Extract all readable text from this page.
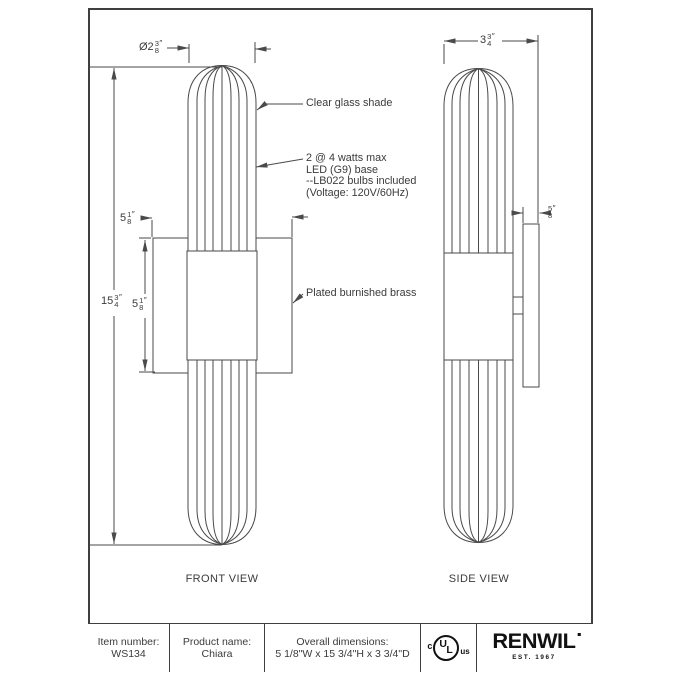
Ø2 3
8
″
5 1
8
″
15 3
4
″
5 1
8
″
3 3
4
″
5
8
″
Clear glass shade
2 @ 4 watts max
LED (G9) base
--LB022 bulbs included
(Voltage: 120V/60Hz)
Plated burnished brass
FRONT VIEW	SIDE VIEW
Item number:
WS134
Product name:
Chiara
Overall dimensions:
5 1/8"W x 15 3/4"H x 3 3/4"D
c U L us RENWIL
EST. 1967
